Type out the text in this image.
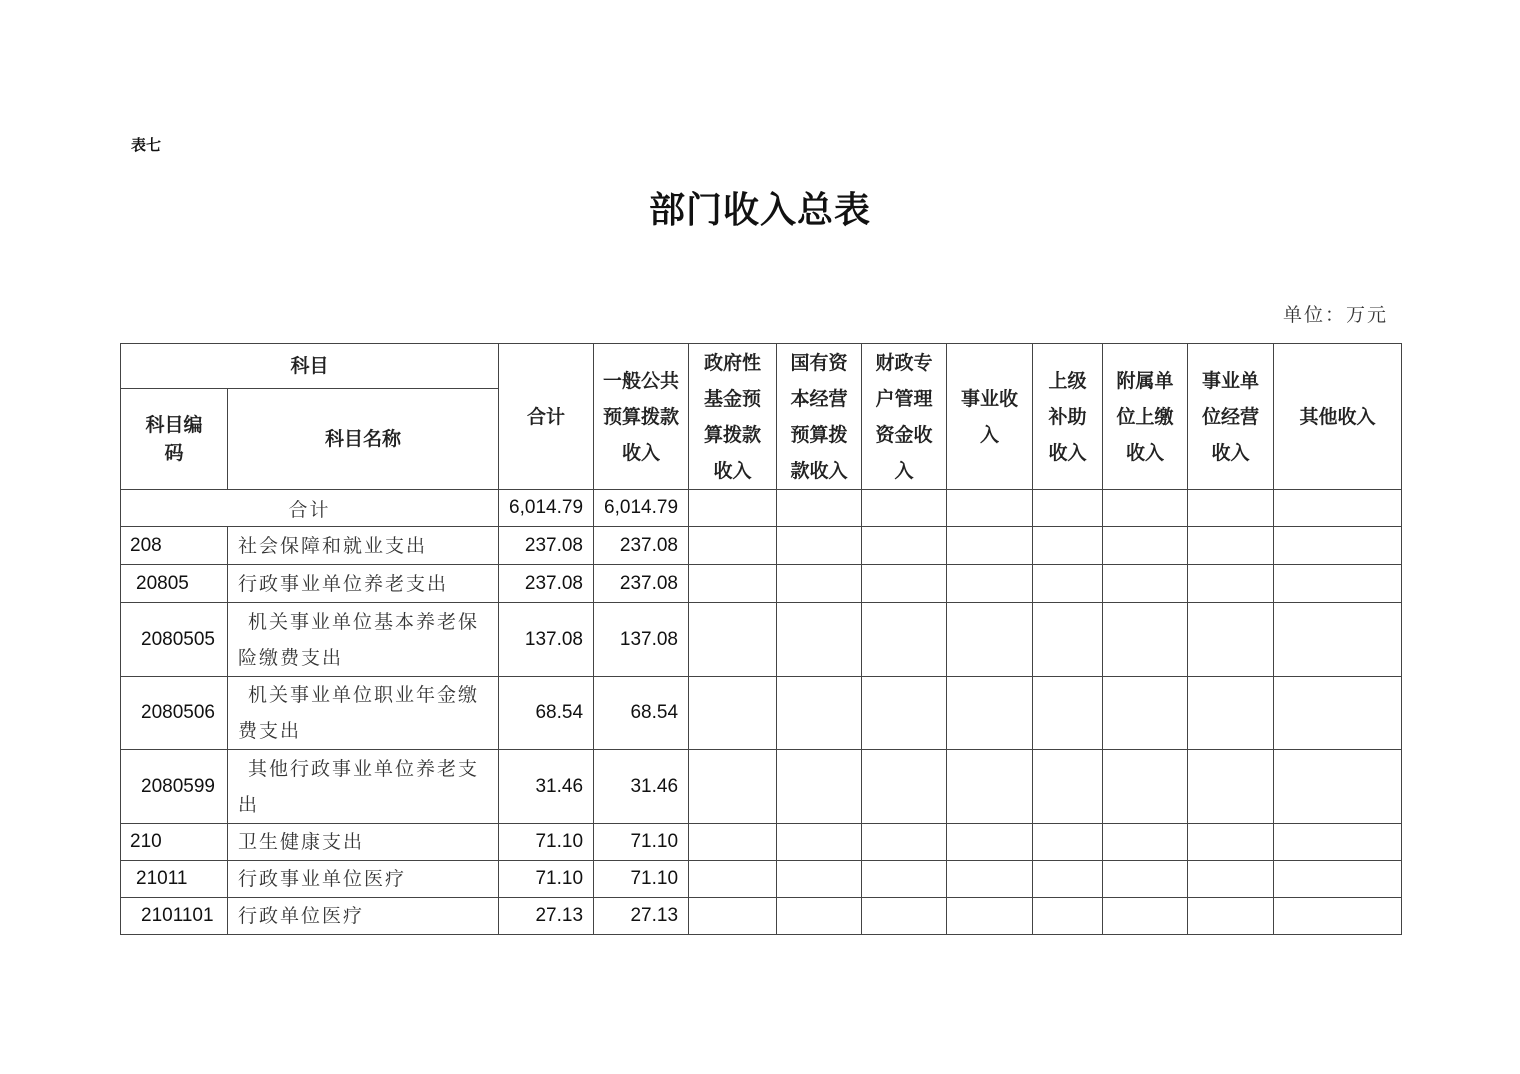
表七
部门收入总表
单位：万元
科目		合计	一般公共预算拨款收入	政府性基金预算拨款收入	国有资本经营预算拨款收入	财政专户管理资金收入	事业收入	上级补助收入	附属单位上缴收入	事业单位经营收入	其他收入
科目编码	科目名称										
合计		6,014.79	6,014.79								
208	社会保障和就业支出	237.08	237.08								
20805	行政事业单位养老支出	237.08	237.08								
2080505	机关事业单位基本养老保险缴费支出	137.08	137.08								
2080506	机关事业单位职业年金缴费支出	68.54	68.54								
2080599	其他行政事业单位养老支出	31.46	31.46								
210	卫生健康支出	71.10	71.10								
21011	行政事业单位医疗	71.10	71.10								
2101101	行政单位医疗	27.13	27.13								
